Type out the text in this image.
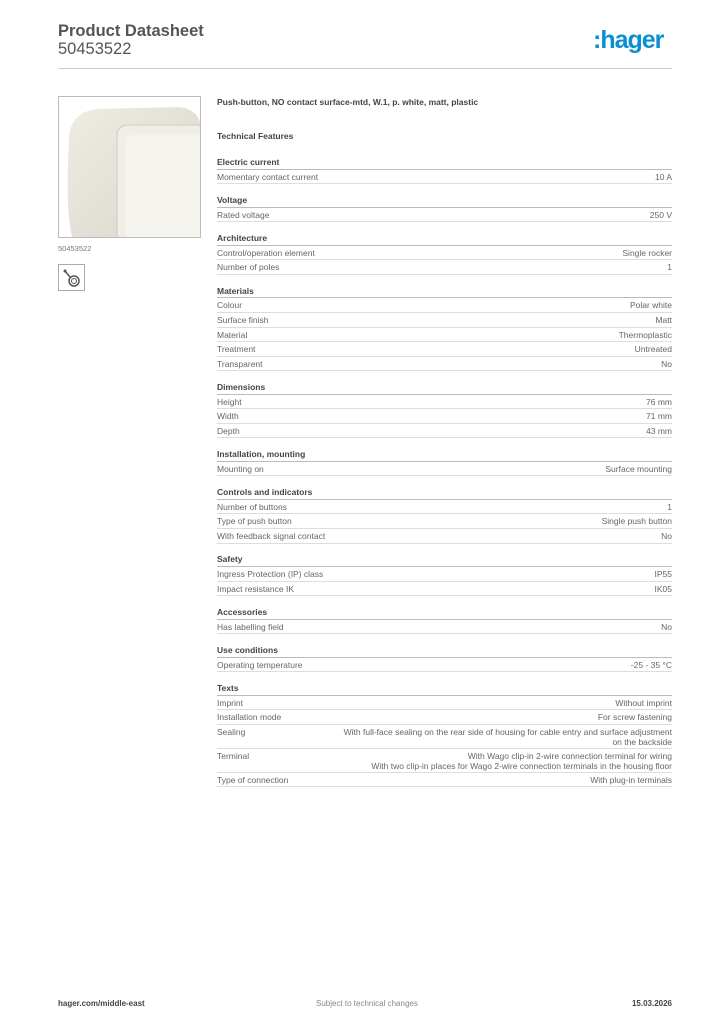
Product Datasheet
50453522	:hager
50453522
Push-button, NO contact surface-mtd, W.1, p. white, matt, plastic
Technical Features
Electric current
Momentary contact current	10 A
Voltage
Rated voltage	250 V
Architecture
Control/operation element	Single rocker
Number of poles	1
Materials
Colour	Polar white
Surface finish	Matt
Material	Thermoplastic
Treatment	Untreated
Transparent	No
Dimensions
Height	76 mm
Width	71 mm
Depth	43 mm
Installation, mounting
Mounting on	Surface mounting
Controls and indicators
Number of buttons	1
Type of push button	Single push button
With feedback signal contact	No
Safety
Ingress Protection (IP) class	IP55
Impact resistance IK	IK05
Accessories
Has labelling field	No
Use conditions
Operating temperature	-25 - 35 °C
Texts
Imprint	Without imprint
Installation mode	For screw fastening
Sealing	With full-face sealing on the rear side of housing for cable entry and surface adjustment on the backside
Terminal	With Wago clip-in 2-wire connection terminal for wiring
With two clip-in places for Wago 2-wire connection terminals in the housing floor
Type of connection	With plug-in terminals
hager.com/middle-east	Subject to technical changes	15.03.2026
